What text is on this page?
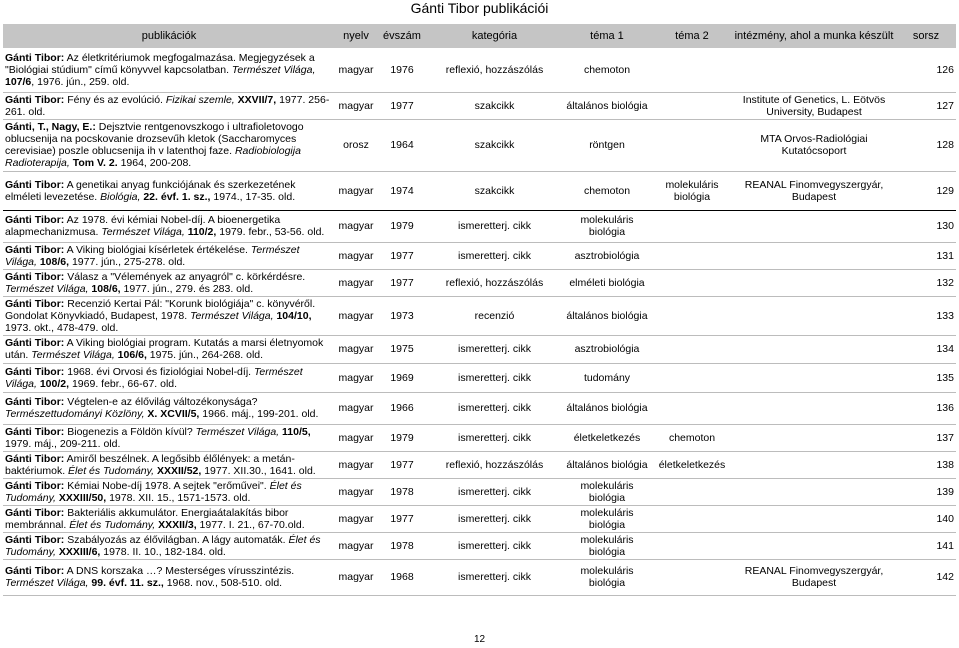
Gánti Tibor publikációi
publikációk	nyelv	évszám	kategória	téma 1	téma 2	intézmény, ahol a munka készült	sorsz
Gánti Tibor: Az életkritériumok megfogalmazása. Megjegyzések a "Biológiai stúdium" című könyvvel kapcsolatban. Természet Világa, 107/6, 1976. jún., 259. old.	magyar	1976	reflexió, hozzászólás	chemoton			126
Gánti Tibor: Fény és az evolúció. Fizikai szemle, XXVII/7, 1977. 256-261. old.	magyar	1977	szakcikk	általános biológia		Institute of Genetics, L. Eötvös University, Budapest	127
Gánti, T., Nagy, E.: Dejsztvie rentgenovszkogo i ultrafioletovogo oblucsenija na pocskovanie drozsevűh kletok (Saccharomyces cerevisiae) poszle oblucsenija ih v latenthoj faze. Radiobiologija Radioterapija, Tom V. 2. 1964, 200-208.	orosz	1964	szakcikk	röntgen		MTA Orvos-Radiológiai Kutatócsoport	128
Gánti Tibor: A genetikai anyag funkciójának és szerkezetének elméleti levezetése. Biológia, 22. évf. 1. sz., 1974., 17-35. old.	magyar	1974	szakcikk	chemoton	molekuláris biológia	REANAL Finomvegyszergyár, Budapest	129
Gánti Tibor: Az 1978. évi kémiai Nobel-díj. A bioenergetika alapmechanizmusa. Természet Világa, 110/2, 1979. febr., 53-56. old.	magyar	1979	ismeretterj. cikk	molekuláris biológia			130
Gánti Tibor: A Viking biológiai kísérletek értékelése. Természet Világa, 108/6, 1977. jún., 275-278. old.	magyar	1977	ismeretterj. cikk	asztrobiológia			131
Gánti Tibor: Válasz a "Vélemények az anyagról" c. körkérdésre. Természet Világa, 108/6, 1977. jún., 279. és 283. old.	magyar	1977	reflexió, hozzászólás	elméleti biológia			132
Gánti Tibor: Recenzió Kertai Pál: "Korunk biológiája" c. könyvéről. Gondolat Könyvkiadó, Budapest, 1978. Természet Világa, 104/10, 1973. okt., 478-479. old.	magyar	1973	recenzió	általános biológia			133
Gánti Tibor: A Viking biológiai program. Kutatás a marsi életnyomok után. Természet Világa, 106/6, 1975. jún., 264-268. old.	magyar	1975	ismeretterj. cikk	asztrobiológia			134
Gánti Tibor: 1968. évi Orvosi és fiziológiai Nobel-díj. Természet Világa, 100/2, 1969. febr., 66-67. old.	magyar	1969	ismeretterj. cikk	tudomány			135
Gánti Tibor: Végtelen-e az élővilág változékonysága? Természettudományi Közlöny, X. XCVII/5, 1966. máj., 199-201. old.	magyar	1966	ismeretterj. cikk	általános biológia			136
Gánti Tibor: Biogenezis a Földön kívül? Természet Világa, 110/5, 1979. máj., 209-211. old.	magyar	1979	ismeretterj. cikk	életkeletkezés	chemoton		137
Gánti Tibor: Amiről beszélnek. A legősibb élőlények: a metán-baktériumok. Élet és Tudomány, XXXII/52, 1977. XII.30., 1641. old.	magyar	1977	reflexió, hozzászólás	általános biológia	életkeletkezés		138
Gánti Tibor: Kémiai Nobe-díj 1978. A sejtek "erőművei". Élet és Tudomány, XXXIII/50, 1978. XII. 15., 1571-1573. old.	magyar	1978	ismeretterj. cikk	molekuláris biológia			139
Gánti Tibor: Bakteriális akkumulátor. Energiaátalakítás bibor membránnal. Élet és Tudomány, XXXII/3, 1977. I. 21., 67-70.old.	magyar	1977	ismeretterj. cikk	molekuláris biológia			140
Gánti Tibor: Szabályozás az élővilágban. A lágy automaták. Élet és Tudomány, XXXIII/6, 1978. II. 10., 182-184. old.	magyar	1978	ismeretterj. cikk	molekuláris biológia			141
Gánti Tibor: A DNS korszaka …? Mesterséges vírusszintézis. Természet Világa, 99. évf. 11. sz., 1968. nov., 508-510. old.	magyar	1968	ismeretterj. cikk	molekuláris biológia		REANAL Finomvegyszergyár, Budapest	142
12
